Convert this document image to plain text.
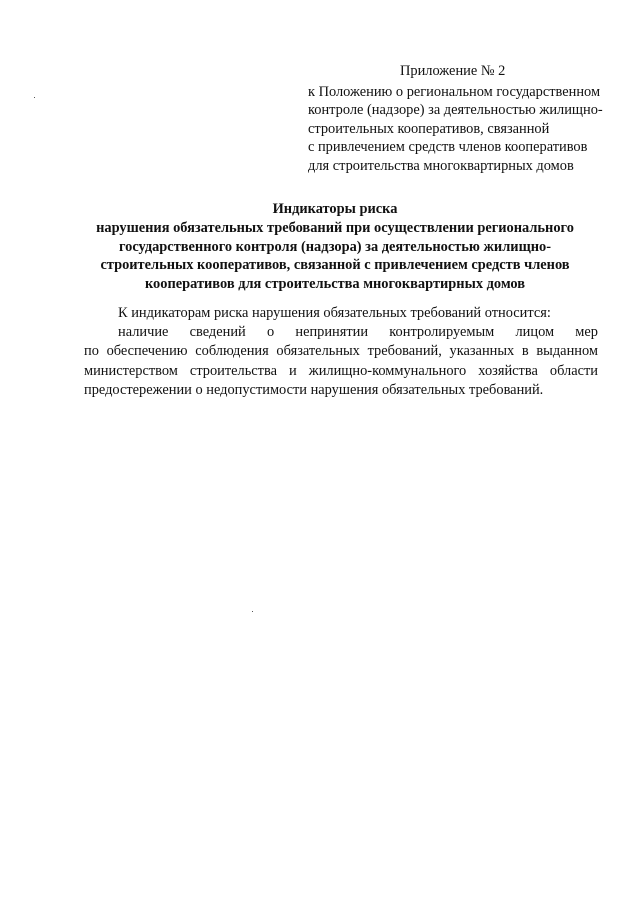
Приложение № 2
к Положению о региональном государственном
контроле (надзоре) за деятельностью жилищно-
строительных кооперативов, связанной
с привлечением средств членов кооперативов
для строительства многоквартирных домов
Индикаторы риска
нарушения обязательных требований при осуществлении регионального
государственного контроля (надзора) за деятельностью жилищно-
строительных кооперативов, связанной с привлечением средств членов
кооперативов для строительства многоквартирных домов
К индикаторам риска нарушения обязательных требований относится:
наличие сведений о непринятии контролируемым лицом мер
по обеспечению соблюдения обязательных требований, указанных в выданном
министерством строительства и жилищно-коммунального хозяйства области
предостережении о недопустимости нарушения обязательных требований.
